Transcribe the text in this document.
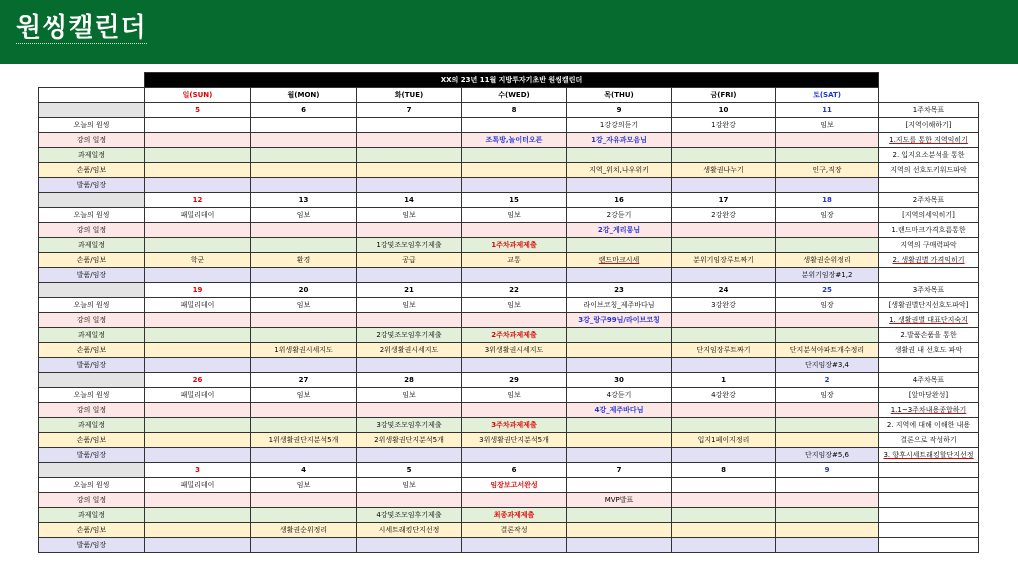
원씽캘린더
	XX의 23년 11월 지방투자기초반 원씽캘린더							
	일(SUN)	월(MON)	화(TUE)	수(WED)	목(THU)	금(FRI)	토(SAT)	
	5	6	7	8	9	10	11	1주차목표
오늘의 원씽					1강강의듣기	1강완강	임보	[지역이해하기]
강의 일정				조톡방,놀이터오픈	1강_자유과모음님			1.지도를 통한 지역익히기
과제일정								2. 입지요소분석을 통한
손품/임보					지역_위치,나우위키	생활권나누기	인구,직장	지역의 선호도키워드파악
발품/임장								
	12	13	14	15	16	17	18	2주차목표
오늘의 원씽	패밀리데이	임보	임보	임보	2강듣기	2강완강	임장	[지역의세익히기]
강의 일정					2강_게리롱님			1.랜드마크가격흐름통한
과제일정			1강및조모임후기제출	1주차과제제출				지역의 구매력파악
손품/임보	학군	환경	공급	교통	랜드마크시세	분위기임장루트짜기	생활권순위정리	2. 생활권별 가격익히기
발품/임장							분위기임장#1,2	
	19	20	21	22	23	24	25	3주차목표
오늘의 원씽	패밀리데이	임보	임보	임보	라이브코칭_제주바다님	3강완강	임장	[생활권별단지선호도파악]
강의 일정					3강_랑구99님/라이브코칭			1. 생활권별 대표단지숙지
과제일정			2강및조모임후기제출	2주차과제제출				2.발품손품을 통한
손품/임보		1위생활권시세지도	2위생활권시세지도	3위생활권시세지도		단지임장루트짜기	단지분석아파트개수정리	생활권 내 선호도 파악
발품/임장							단지임장#3,4	
	26	27	28	29	30	1	2	4주차목표
오늘의 원씽	패밀리데이	임보	임보	임보	4강듣기	4강완강	임장	[앞마당완성]
강의 일정					4강_제주바다님			1.1~3주차내용종합하기
과제일정			3강및조모임후기제출	3주차과제제출				2. 지역에 대해 이해한 내용
손품/임보		1위생활권단지분석5개	2위생활권단지분석5개	3위생활권단지분석5개		입지1페이지정리		결론으로 작성하기
발품/임장							단지임장#5,6	3. 향후시세트래킹할단지선정
	3	4	5	6	7	8	9	
오늘의 원씽	패밀리데이	임보	임보	임장보고서완성				
강의 일정					MVP발표			
과제일정			4강및조모임후기제출	최종과제제출				
손품/임보		생활권순위정리	시세트래킹단지선정	결론작성				
발품/임장								
